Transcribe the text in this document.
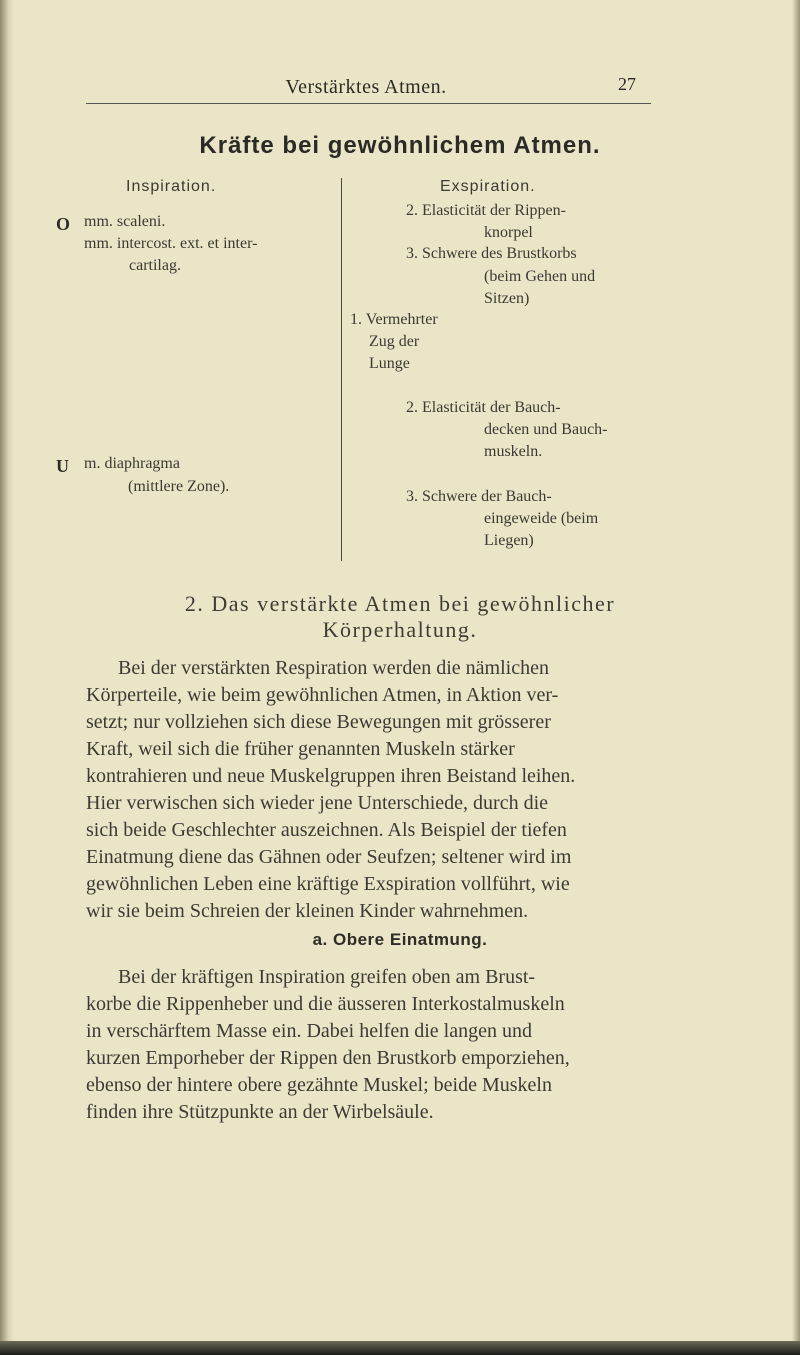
Verstärktes Atmen.	27
Kräfte bei gewöhnlichem Atmen.
Inspiration.	Exspiration.
O mm. scaleni.
mm. intercost. ext. et inter-
cartilag.
U m. diaphragma
(mittlere Zone).
2. Elasticität der Rippen-
knorpel
3. Schwere des Brustkorbs
(beim Gehen und
Sitzen)
1. Vermehrter
Zug der
Lunge
2. Elasticität der Bauch-
decken und Bauch-
muskeln.
3. Schwere der Bauch-
eingeweide (beim
Liegen)
2. Das verstärkte Atmen bei gewöhnlicher
Körperhaltung.
Bei der verstärkten Respiration werden die nämlichen
Körperteile, wie beim gewöhnlichen Atmen, in Aktion ver-
setzt; nur vollziehen sich diese Bewegungen mit grösserer
Kraft, weil sich die früher genannten Muskeln stärker
kontrahieren und neue Muskelgruppen ihren Beistand leihen.
Hier verwischen sich wieder jene Unterschiede, durch die
sich beide Geschlechter auszeichnen. Als Beispiel der tiefen
Einatmung diene das Gähnen oder Seufzen; seltener wird im
gewöhnlichen Leben eine kräftige Exspiration vollführt, wie
wir sie beim Schreien der kleinen Kinder wahrnehmen.
a. Obere Einatmung.
Bei der kräftigen Inspiration greifen oben am Brust-
korbe die Rippenheber und die äusseren Interkostalmuskeln
in verschärftem Masse ein. Dabei helfen die langen und
kurzen Emporheber der Rippen den Brustkorb emporziehen,
ebenso der hintere obere gezähnte Muskel; beide Muskeln
finden ihre Stützpunkte an der Wirbelsäule.
